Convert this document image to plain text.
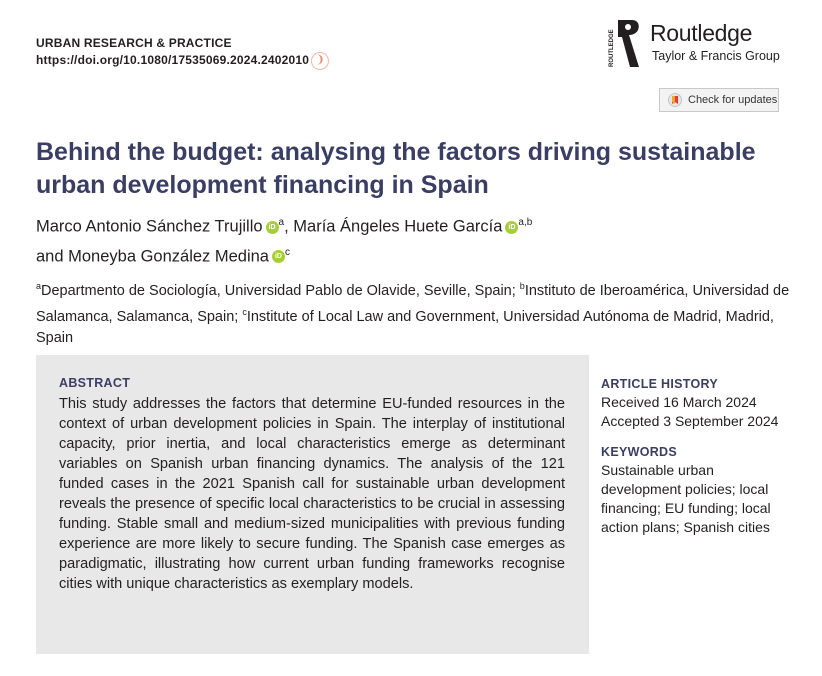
URBAN RESEARCH & PRACTICE
https://doi.org/10.1080/17535069.2024.2402010 ❩	ROUTLEDGE Routledge
Taylor & Francis Group
Check for updates
Behind the budget: analysing the factors driving sustainable urban development financing in Spain
Marco Antonio Sánchez Trujillo iD $^a$, María Ángeles Huete García iD $^{a,b}$
and Moneyba González Medina iD $^c$
$^a$Departmento de Sociología, Universidad Pablo de Olavide, Seville, Spain; $^b$Instituto de Iberoamérica, Universidad de Salamanca, Salamanca, Spain; $^c$Institute of Local Law and Government, Universidad Autónoma de Madrid, Madrid, Spain
ABSTRACT
This study addresses the factors that determine EU-funded resources in the context of urban development policies in Spain. The interplay of institutional capacity, prior inertia, and local characteristics emerge as determinant variables on Spanish urban financing dynamics. The analysis of the 121 funded cases in the 2021 Spanish call for sustainable urban development reveals the presence of specific local characteristics to be crucial in assessing funding. Stable small and medium-sized municipalities with previous funding experience are more likely to secure funding. The Spanish case emerges as paradigmatic, illustrating how current urban funding frameworks recognise cities with unique characteristics as exemplary models.
ARTICLE HISTORY
Received 16 March 2024
Accepted 3 September 2024
KEYWORDS
Sustainable urban development policies; local financing; EU funding; local action plans; Spanish cities
